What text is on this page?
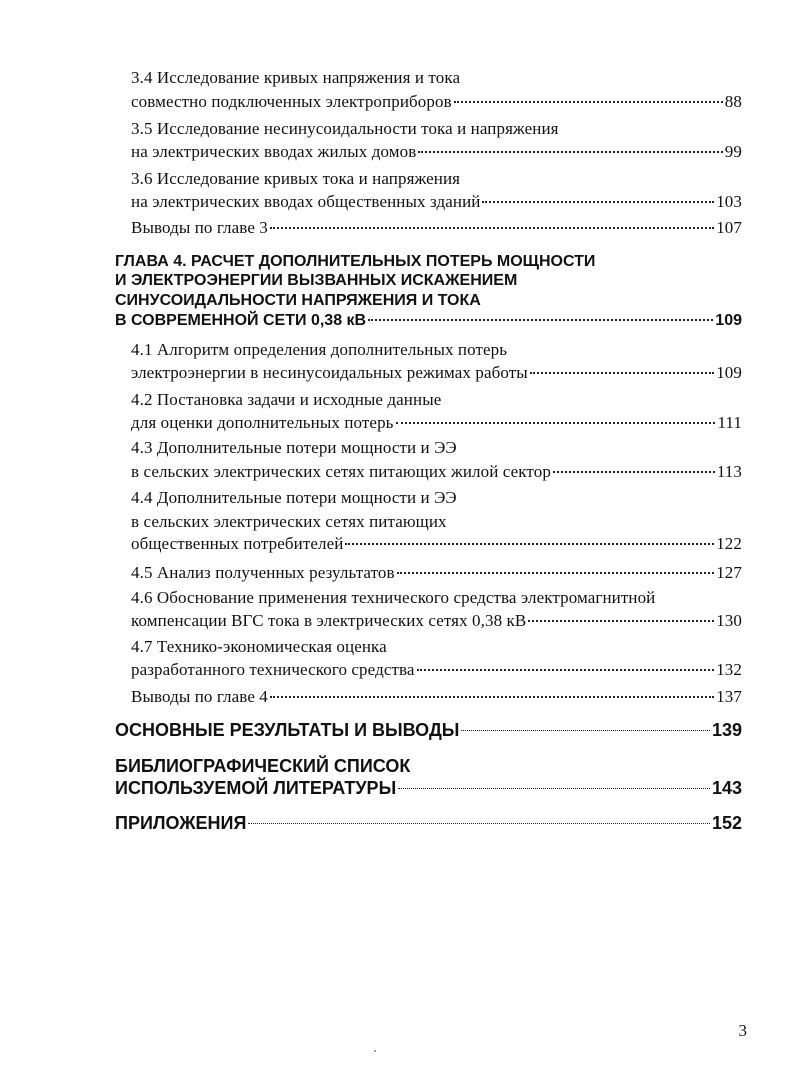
3.4 Исследование кривых напряжения и тока
совместно подключенных электроприборов	88
3.5 Исследование несинусоидальности тока и напряжения
на электрических вводах жилых домов	99
3.6 Исследование кривых тока и напряжения
на электрических вводах общественных зданий	103
Выводы по главе 3	107
ГЛАВА 4. РАСЧЕТ ДОПОЛНИТЕЛЬНЫХ ПОТЕРЬ МОЩНОСТИ
И ЭЛЕКТРОЭНЕРГИИ ВЫЗВАННЫХ ИСКАЖЕНИЕМ
СИНУСОИДАЛЬНОСТИ НАПРЯЖЕНИЯ И ТОКА
В СОВРЕМЕННОЙ СЕТИ 0,38 кВ	109
4.1 Алгоритм определения дополнительных потерь
электроэнергии в несинусоидальных режимах работы	109
4.2 Постановка задачи и исходные данные
для оценки дополнительных потерь	111
4.3 Дополнительные потери мощности и ЭЭ
в сельских электрических сетях питающих жилой сектор	113
4.4 Дополнительные потери мощности и ЭЭ
в сельских электрических сетях питающих
общественных потребителей	122
4.5 Анализ полученных результатов	127
4.6 Обоснование применения технического средства электромагнитной
компенсации ВГС тока в электрических сетях 0,38 кВ	130
4.7 Технико-экономическая оценка
разработанного технического средства	132
Выводы по главе 4	137
ОСНОВНЫЕ РЕЗУЛЬТАТЫ И ВЫВОДЫ	139
БИБЛИОГРАФИЧЕСКИЙ СПИСОК
ИСПОЛЬЗУЕМОЙ ЛИТЕРАТУРЫ	143
ПРИЛОЖЕНИЯ	152
3
